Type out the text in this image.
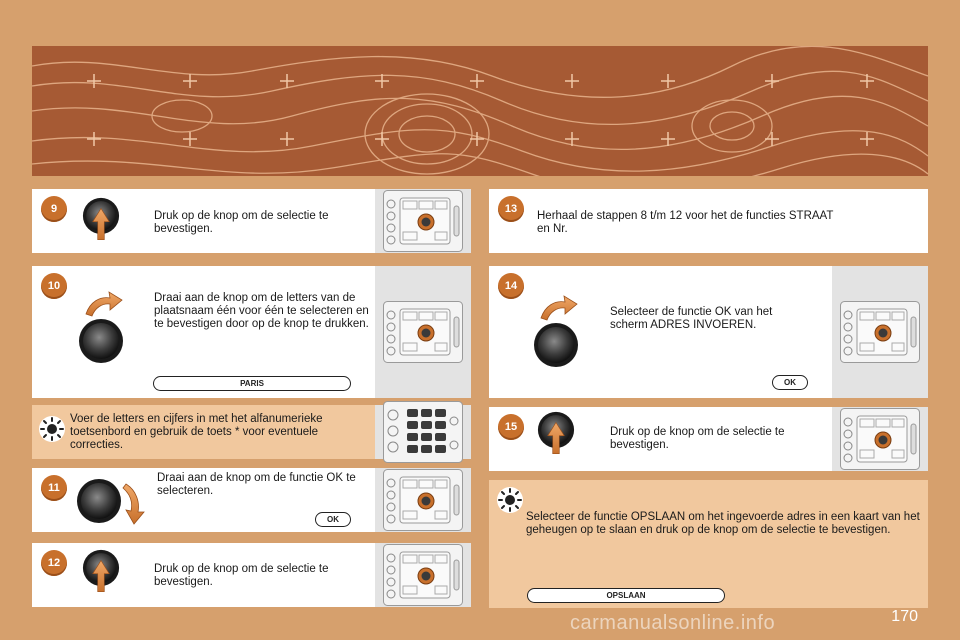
9
Druk op de knop om de selectie te bevestigen.
10
Draai aan de knop om de letters van de plaatsnaam één voor één te selecteren en te bevestigen door op de knop te drukken.
PARIS
Voer de letters en cijfers in met het alfanumerieke toetsenbord en gebruik de toets * voor eventuele correcties.
11
Draai aan de knop om de functie OK te selecteren.
OK
12	Druk op de knop om de selectie te bevestigen.
13
Herhaal de stappen 8 t/m 12 voor het de functies STRAAT en Nr.
14
Selecteer de functie OK van het scherm ADRES INVOEREN.
OK
15	Druk op de knop om de selectie te bevestigen.
Selecteer de functie OPSLAAN om het ingevoerde adres in een kaart van het geheugen op te slaan en druk op de knop om de selectie te bevestigen.
OPSLAAN
170
carmanualsonline.info
